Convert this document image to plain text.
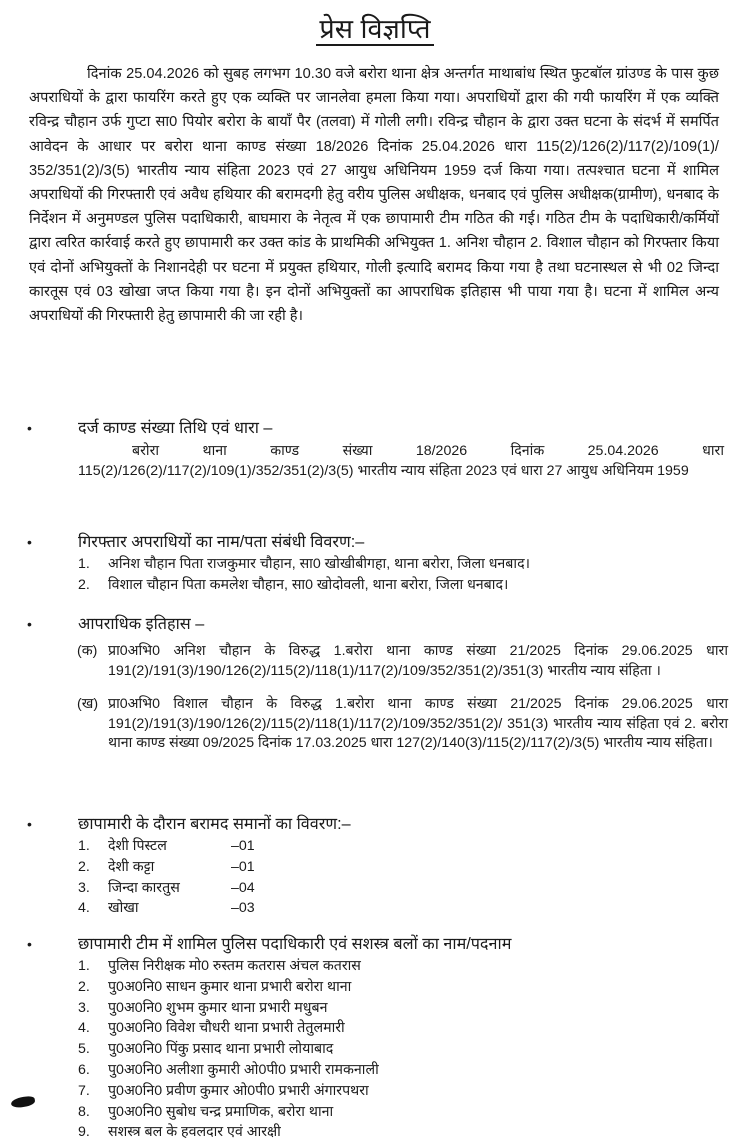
प्रेस विज्ञप्ति

दिनांक 25.04.2026 को सुबह लगभग 10.30 वजे बरोरा थाना क्षेत्र अन्तर्गत माथाबांध स्थित फुटबॉल ग्रांउण्ड के पास कुछ अपराधियों के द्वारा फायरिंग करते हुए एक व्यक्ति पर जानलेवा हमला किया गया। अपराधियों द्वारा की गयी फायरिंग में एक व्यक्ति रविन्द्र चौहान उर्फ गुप्टा सा0 पियोर बरोरा के बायाँ पैर (तलवा) में गोली लगी। रविन्द्र चौहान के द्वारा उक्त घटना के संदर्भ में समर्पित आवेदन के आधार पर बरोरा थाना काण्ड संख्या 18/2026 दिनांक 25.04.2026 धारा 115(2)/126(2)/117(2)/109(1)/ 352/351(2)/3(5) भारतीय न्याय संहिता 2023 एवं 27 आयुध अधिनियम 1959 दर्ज किया गया। तत्पश्चात घटना में शामिल अपराधियों की गिरफ्तारी एवं अवैध हथियार की बरामदगी हेतु वरीय पुलिस अधीक्षक, धनबाद एवं पुलिस अधीक्षक(ग्रामीण), धनबाद के निर्देशन में अनुमण्डल पुलिस पदाधिकारी, बाघमारा के नेतृत्व में एक छापामारी टीम गठित की गई। गठित टीम के पदाधिकारी/कर्मियों द्वारा त्वरित कार्रवाई करते हुए छापामारी कर उक्त कांड के प्राथमिकी अभियुक्त 1. अनिश चौहान 2. विशाल चौहान को गिरफ्तार किया एवं दोनों अभियुक्तों के निशानदेही पर घटना में प्रयुक्त हथियार, गोली इत्यादि बरामद किया गया है तथा घटनास्थल से भी 02 जिन्दा कारतूस एवं 03 खोखा जप्त किया गया है। इन दोनों अभियुक्तों का आपराधिक इतिहास भी पाया गया है। घटना में शामिल अन्य अपराधियों की गिरफ्तारी हेतु छापामारी की जा रही है।

•	दर्ज काण्ड संख्या तिथि एवं धारा –
बरोरा थाना काण्ड संख्या 18/2026 दिनांक 25.04.2026 धारा 115(2)/126(2)/117(2)/109(1)/352/351(2)/3(5) भारतीय न्याय संहिता 2023 एवं धारा 27 आयुध अधिनियम 1959
•	गिरफ्तार अपराधियों का नाम/पता संबंधी विवरण:–
1. अनिश चौहान पिता राजकुमार चौहान, सा0 खोखीबीगहा, थाना बरोरा, जिला धनबाद।
2. विशाल चौहान पिता कमलेश चौहान, सा0 खोदोवली, थाना बरोरा, जिला धनबाद।
•	आपराधिक इतिहास –
(क) प्रा0अभि0 अनिश चौहान के विरुद्ध 1.बरोरा थाना काण्ड संख्या 21/2025 दिनांक 29.06.2025 धारा 191(2)/191(3)/190/126(2)/115(2)/118(1)/117(2)/109/352/351(2)/351(3) भारतीय न्याय संहिता ।
(ख) प्रा0अभि0 विशाल चौहान के विरुद्ध 1.बरोरा थाना काण्ड संख्या 21/2025 दिनांक 29.06.2025 धारा 191(2)/191(3)/190/126(2)/115(2)/118(1)/117(2)/109/352/351(2)/ 351(3) भारतीय न्याय संहिता एवं 2. बरोरा थाना काण्ड संख्या 09/2025 दिनांक 17.03.2025 धारा 127(2)/140(3)/115(2)/117(2)/3(5) भारतीय न्याय संहिता।
•	छापामारी के दौरान बरामद समानों का विवरण:–
1. देशी पिस्टल	–01
2. देशी कट्टा	–01
3. जिन्दा कारतुस	–04
4. खोखा	–03
•	छापामारी टीम में शामिल पुलिस पदाधिकारी एवं सशस्त्र बलों का नाम/पदनाम
1. पुलिस निरीक्षक मो0 रुस्तम कतरास अंचल कतरास
2. पु0अ0नि0 साधन कुमार थाना प्रभारी बरोरा थाना
3. पु0अ0नि0 शुभम कुमार थाना प्रभारी मधुबन
4. पु0अ0नि0 विवेश चौधरी थाना प्रभारी तेतुलमारी
5. पु0अ0नि0 पिंकु प्रसाद थाना प्रभारी लोयाबाद
6. पु0अ0नि0 अलीशा कुमारी ओ0पी0 प्रभारी रामकनाली
7. पु0अ0नि0 प्रवीण कुमार ओ0पी0 प्रभारी अंगारपथरा
8. पु0अ0नि0 सुबोध चन्द्र प्रमाणिक, बरोरा थाना
9. सशस्त्र बल के हवलदार एवं आरक्षी
